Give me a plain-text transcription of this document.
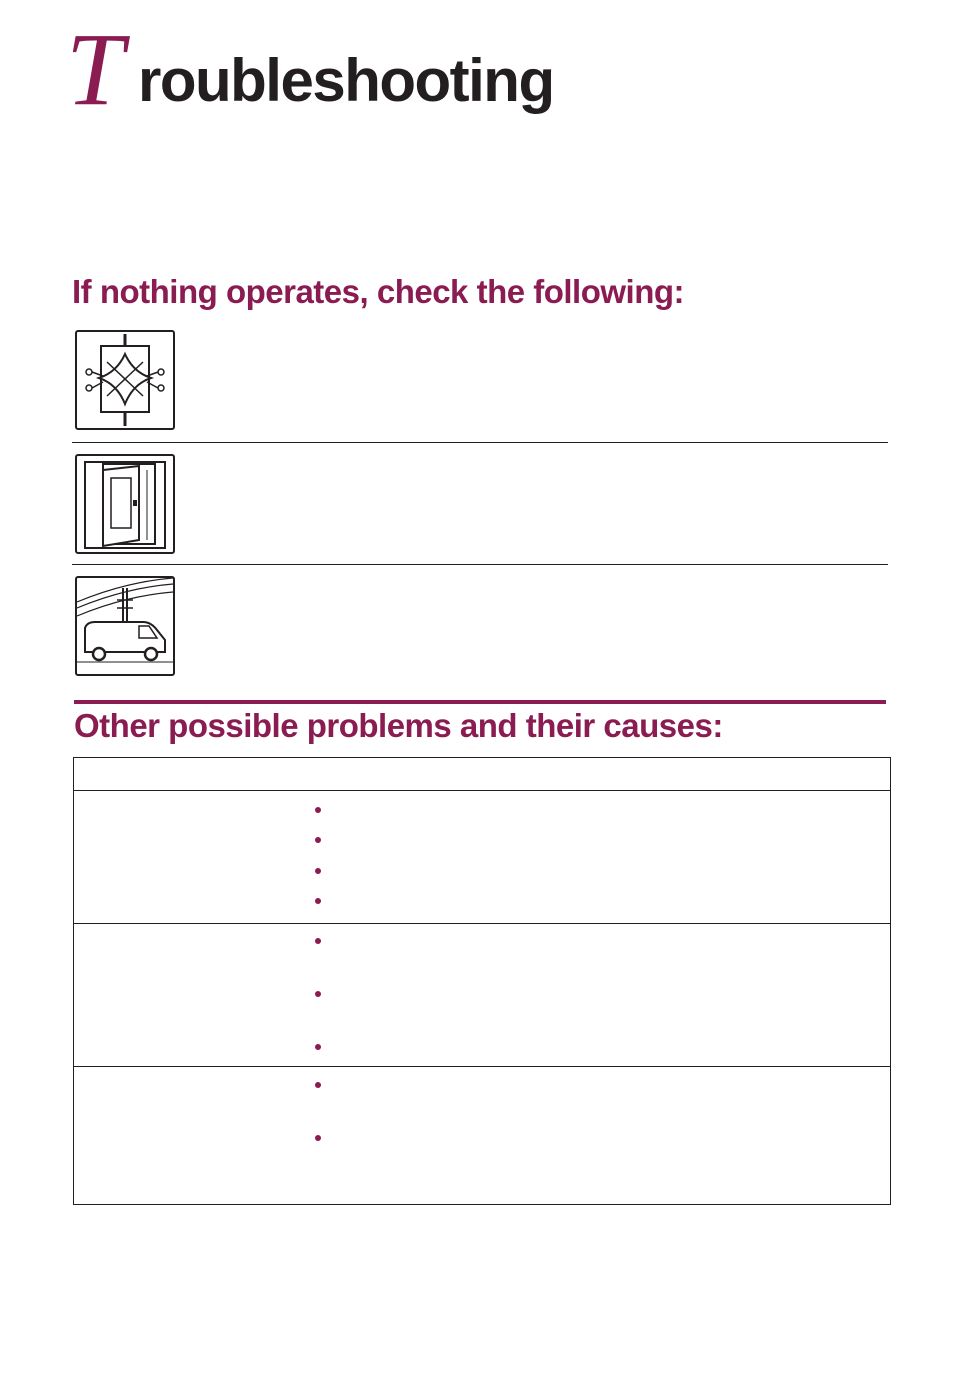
T roubleshooting
If nothing operates, check the following:
Other possible problems and their causes:
